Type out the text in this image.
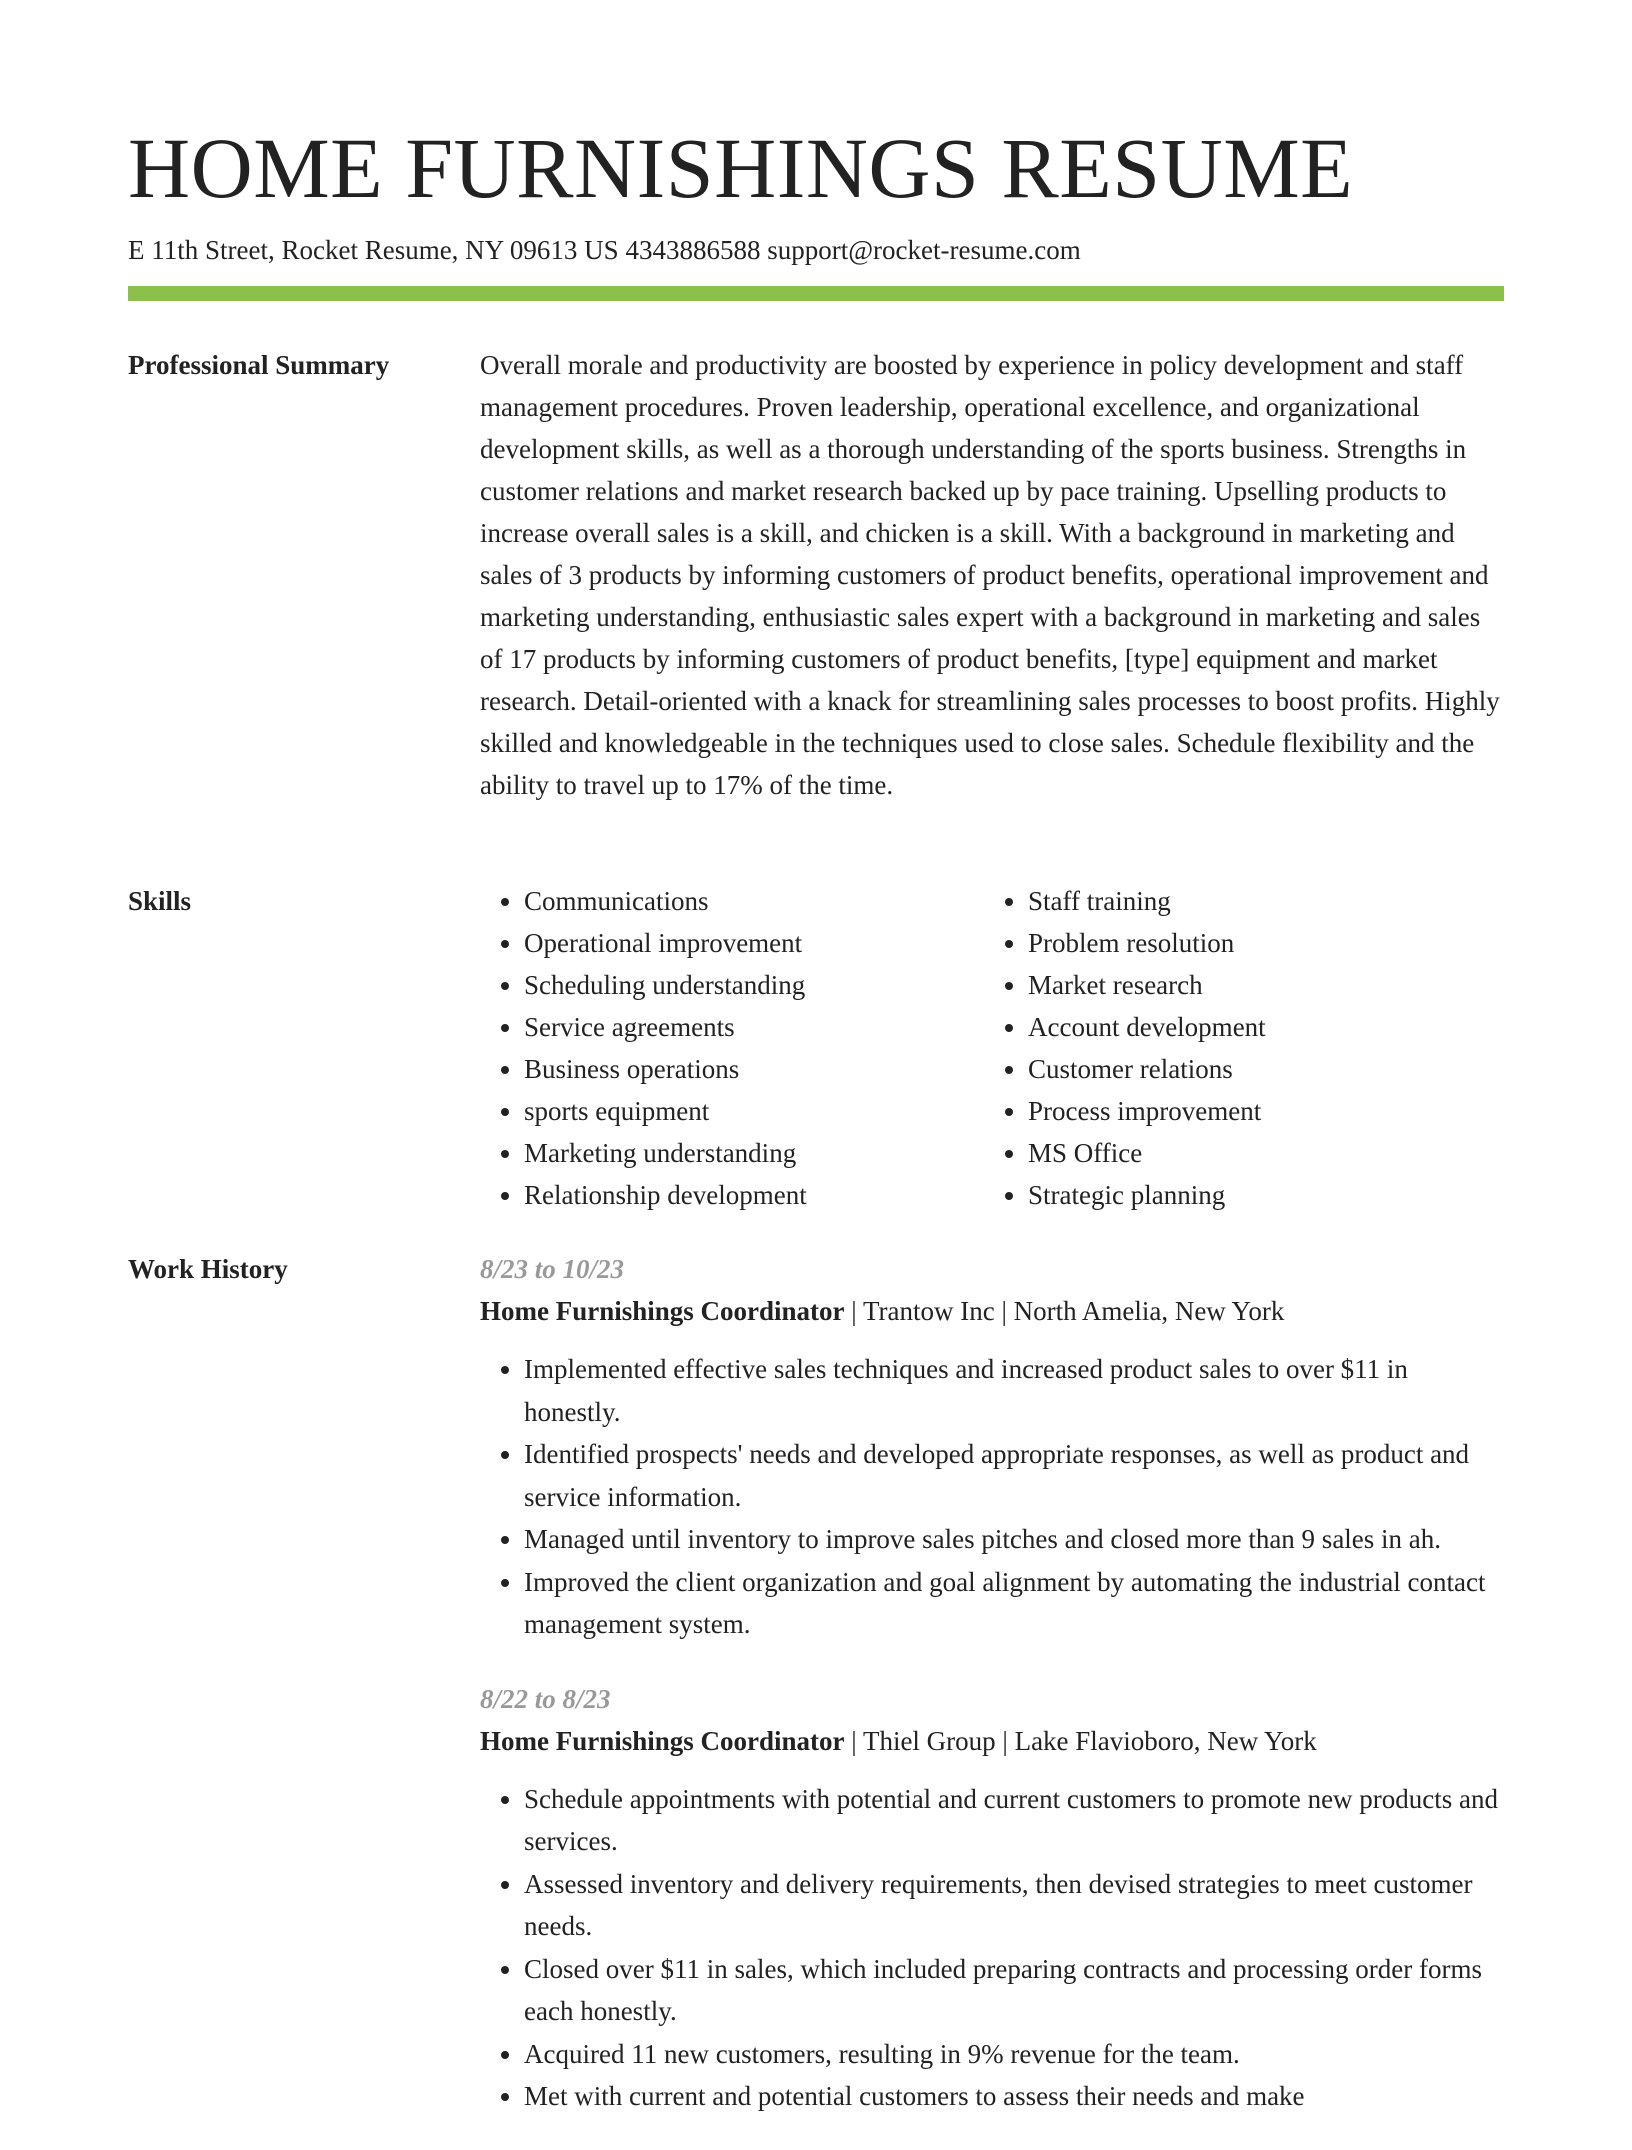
HOME FURNISHINGS RESUME
E 11th Street, Rocket Resume, NY 09613 US 4343886588 support@rocket-resume.com
Professional Summary	Overall morale and productivity are boosted by experience in policy development and staff management procedures. Proven leadership, operational excellence, and organizational development skills, as well as a thorough understanding of the sports business. Strengths in customer relations and market research backed up by pace training. Upselling products to increase overall sales is a skill, and chicken is a skill. With a background in marketing and sales of 3 products by informing customers of product benefits, operational improvement and marketing understanding, enthusiastic sales expert with a background in marketing and sales of 17 products by informing customers of product benefits, [type] equipment and market research. Detail-oriented with a knack for streamlining sales processes to boost profits. Highly skilled and knowledgeable in the techniques used to close sales. Schedule flexibility and the ability to travel up to 17% of the time.

Skills
•	Communications
• Operational improvement
• Scheduling understanding
• Service agreements
• Business operations
• sports equipment
• Marketing understanding
• Relationship development
• Staff training
• Problem resolution
• Market research
• Account development
• Customer relations
• Process improvement
• MS Office
• Strategic planning
Work History	8/23 to 10/23
Home Furnishings Coordinator | Trantow Inc | North Amelia, New York
• Implemented effective sales techniques and increased product sales to over $11 in honestly.
• Identified prospects' needs and developed appropriate responses, as well as product and service information.
• Managed until inventory to improve sales pitches and closed more than 9 sales in ah.
• Improved the client organization and goal alignment by automating the industrial contact management system.
8/22 to 8/23
Home Furnishings Coordinator | Thiel Group | Lake Flavioboro, New York
• Schedule appointments with potential and current customers to promote new products and services.
• Assessed inventory and delivery requirements, then devised strategies to meet customer needs.
• Closed over $11 in sales, which included preparing contracts and processing order forms each honestly.
• Acquired 11 new customers, resulting in 9% revenue for the team.
• Met with current and potential customers to assess their needs and make
